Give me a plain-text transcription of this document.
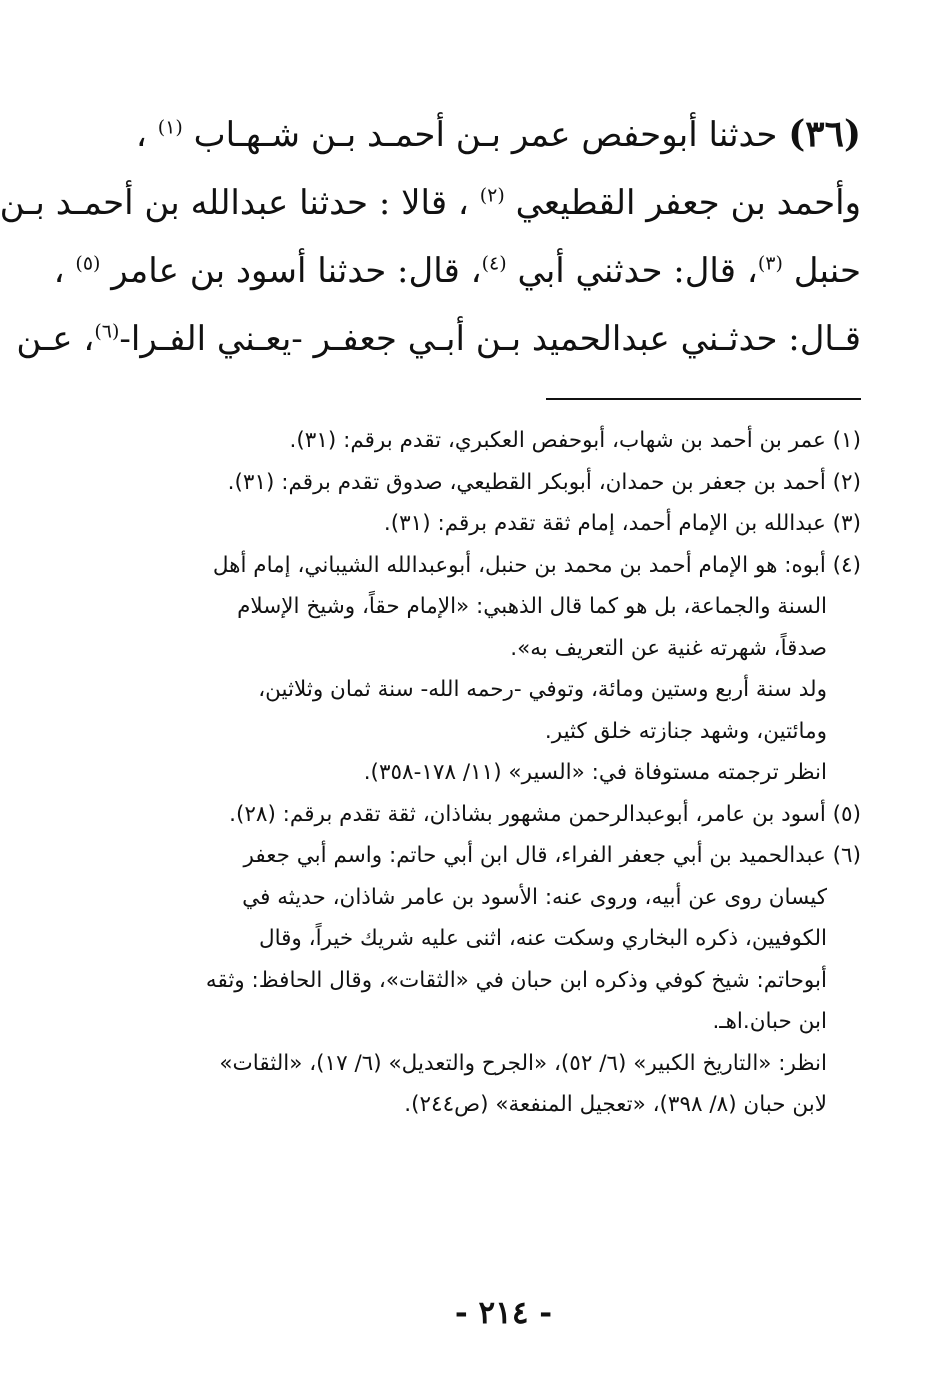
(٣٦) حدثنا أبوحفص عمر بـن أحمـد بـن شـهـاب $^{(١)}$ ،
وأحمد بن جعفر القطيعي $^{(٢)}$ ، قالا : حدثنا عبدالله بن أحمـد بـن
حنبل $^{(٣)}$، قال: حدثني أبي $^{(٤)}$، قال: حدثنا أسود بن عامر $^{(٥)}$ ،
قـال: حدثـني عبدالحميد بـن أبـي جعفـر -يعـني الفـرا-$^{(٦)}$، عـن

(١) عمر بن أحمد بن شهاب، أبوحفص العكبري، تقدم برقم: (٣١).

(٢) أحمد بن جعفر بن حمدان، أبوبكر القطيعي، صدوق تقدم برقم: (٣١).

(٣) عبدالله بن الإمام أحمد، إمام ثقة تقدم برقم: (٣١).

(٤) أبوه: هو الإمام أحمد بن محمد بن حنبل، أبوعبدالله الشيباني، إمام أهل
السنة والجماعة، بل هو كما قال الذهبي: «الإمام حقاً، وشيخ الإسلام
صدقاً، شهرته غنية عن التعريف به».
ولد سنة أربع وستين ومائة، وتوفي -رحمه الله- سنة ثمان وثلاثين،
ومائتين، وشهد جنازته خلق كثير.
انظر ترجمته مستوفاة في: «السير» (١١/ ١٧٨-٣٥٨).

(٥) أسود بن عامر، أبوعبدالرحمن مشهور بشاذان، ثقة تقدم برقم: (٢٨).

(٦) عبدالحميد بن أبي جعفر الفراء، قال ابن أبي حاتم: واسم أبي جعفر
كيسان روى عن أبيه، وروى عنه: الأسود بن عامر شاذان، حديثه في
الكوفيين، ذكره البخاري وسكت عنه، اثنى عليه شريك خيراً، وقال
أبوحاتم: شيخ كوفي وذكره ابن حبان في «الثقات»، وقال الحافظ: وثقه
ابن حبان.اهـ.
انظر: «التاريخ الكبير» (٦/ ٥٢)، «الجرح والتعديل» (٦/ ١٧)، «الثقات»
لابن حبان (٨/ ٣٩٨)، «تعجيل المنفعة» (ص٢٤٤).

- ٢١٤ -
